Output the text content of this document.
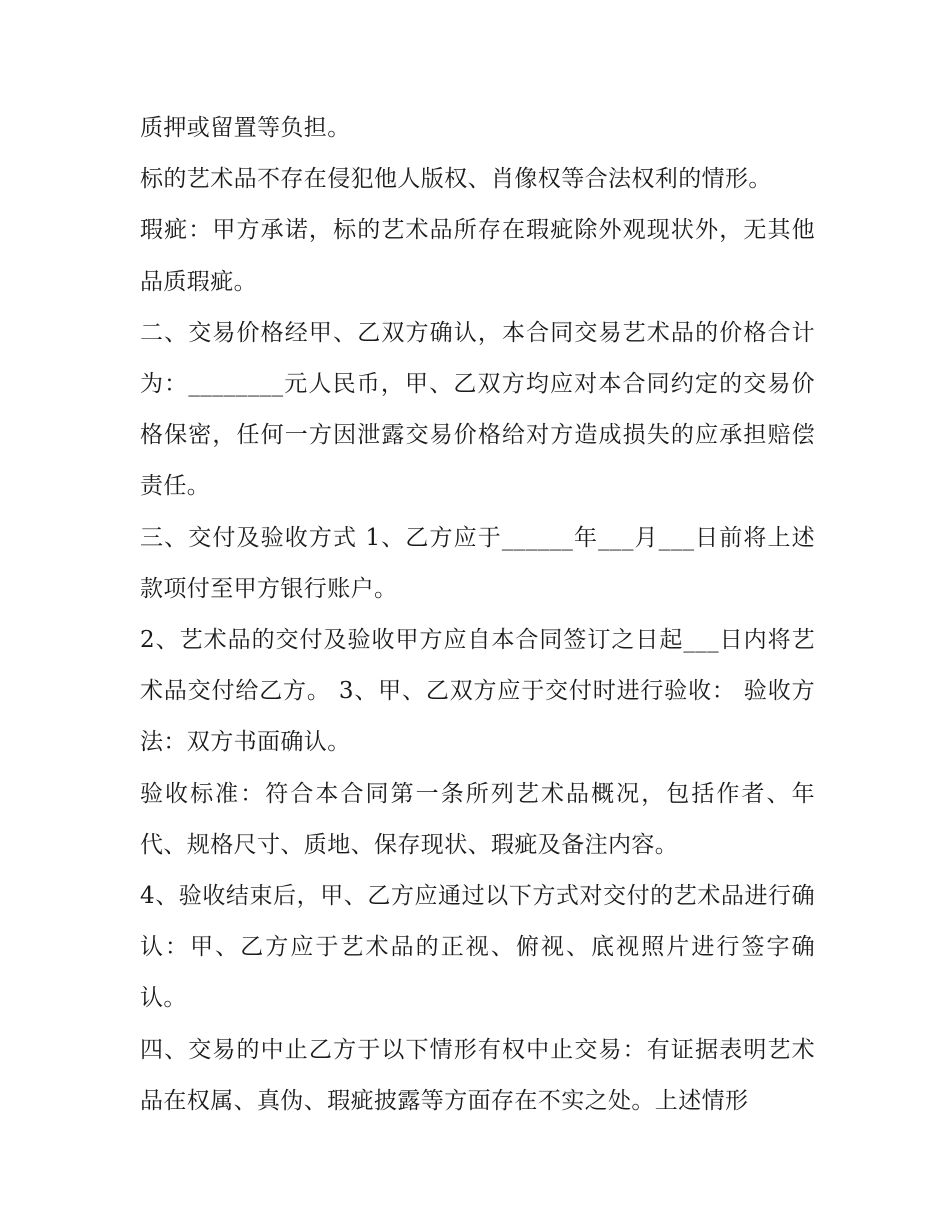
质押或留置等负担。

标的艺术品不存在侵犯他人版权、肖像权等合法权利的情形。

瑕疵：甲方承诺，标的艺术品所存在瑕疵除外观现状外，无其他品质瑕疵。

二、交易价格经甲、乙双方确认，本合同交易艺术品的价格合计为：________元人民币，甲、乙双方均应对本合同约定的交易价格保密，任何一方因泄露交易价格给对方造成损失的应承担赔偿责任。

三、交付及验收方式 1、乙方应于______年___月___日前将上述款项付至甲方银行账户。

2、艺术品的交付及验收甲方应自本合同签订之日起___日内将艺术品交付给乙方。 3、甲、乙双方应于交付时进行验收： 验收方法：双方书面确认。

验收标准：符合本合同第一条所列艺术品概况，包括作者、年代、规格尺寸、质地、保存现状、瑕疵及备注内容。

4、验收结束后，甲、乙方应通过以下方式对交付的艺术品进行确认：甲、乙方应于艺术品的正视、俯视、底视照片进行签字确认。

四、交易的中止乙方于以下情形有权中止交易：有证据表明艺术品在权属、真伪、瑕疵披露等方面存在不实之处。上述情形
